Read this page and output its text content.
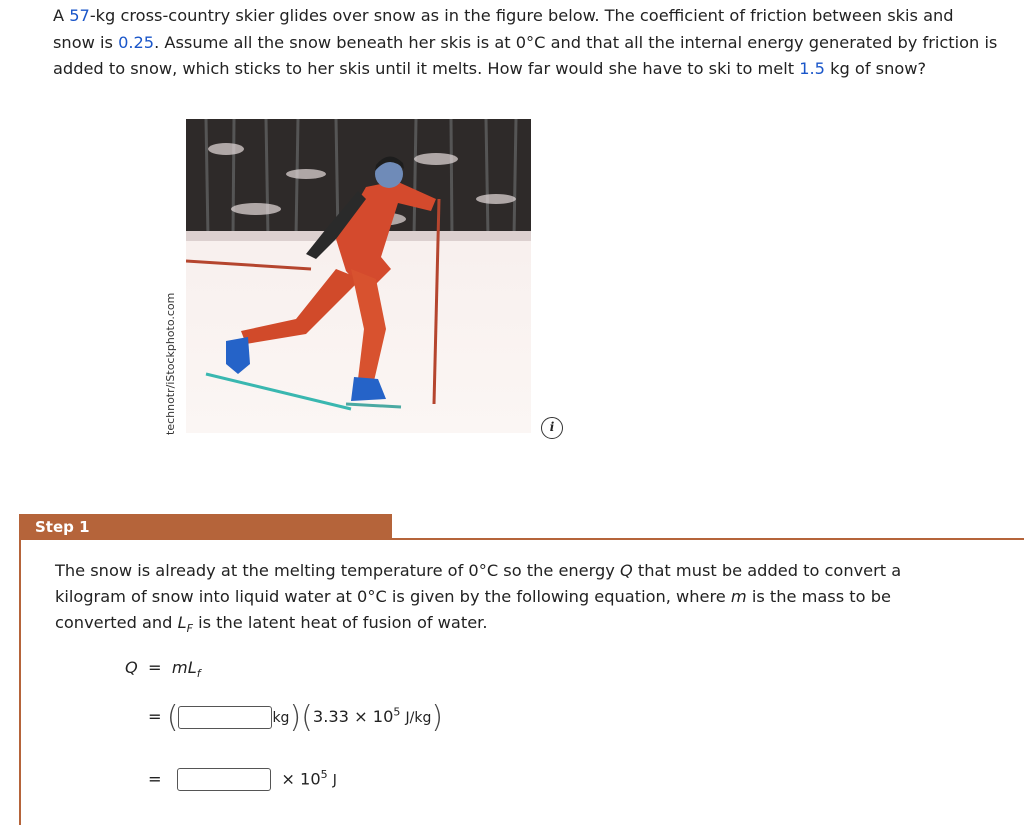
A 57-kg cross-country skier glides over snow as in the figure below. The coefficient of friction between skis and snow is 0.25. Assume all the snow beneath her skis is at 0°C and that all the internal energy generated by friction is added to snow, which sticks to her skis until it melts. How far would she have to ski to melt 1.5 kg of snow?
technotr/iStockphoto.com	i
Step 1
The snow is already at the melting temperature of 0°C so the energy Q that must be added to convert a kilogram of snow into liquid water at 0°C is given by the following equation, where m is the mass to be converted and $L_F$ is the latent heat of fusion of water.
$Q = mL_f$
= (	$kg)(3.33 \times 10^5$ J/kg)
=	× $10^5$ J
